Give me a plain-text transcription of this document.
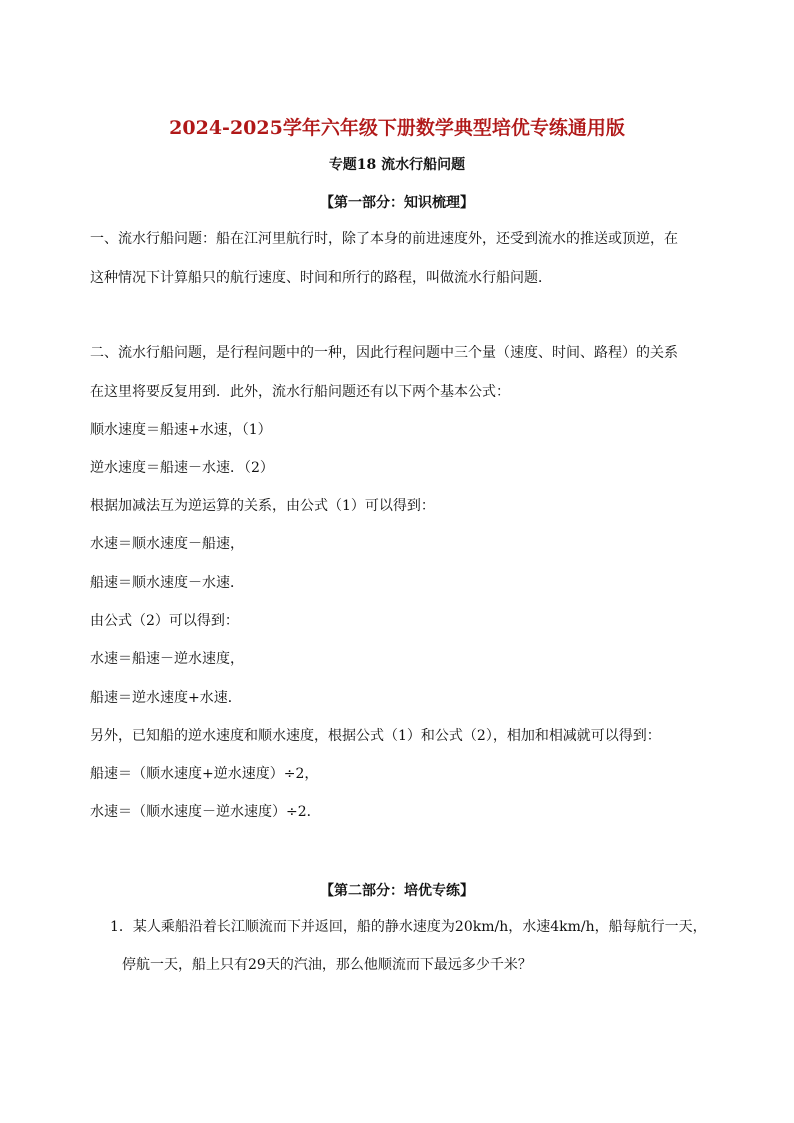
2024-2025学年六年级下册数学典型培优专练通用版
专题18 流水行船问题
【第一部分：知识梳理】
一、流水行船问题：船在江河里航行时，除了本身的前进速度外，还受到流水的推送或顶逆，在
这种情况下计算船只的航行速度、时间和所行的路程，叫做流水行船问题．
二、流水行船问题，是行程问题中的一种，因此行程问题中三个量（速度、时间、路程）的关系
在这里将要反复用到．此外，流水行船问题还有以下两个基本公式：
顺水速度＝船速+水速，（1）
逆水速度＝船速－水速．（2）
根据加减法互为逆运算的关系，由公式（1）可以得到：
水速＝顺水速度－船速，
船速＝顺水速度－水速．
由公式（2）可以得到：
水速＝船速－逆水速度，
船速＝逆水速度+水速．
另外，已知船的逆水速度和顺水速度，根据公式（1）和公式（2），相加和相减就可以得到：
船速＝（顺水速度+逆水速度）÷2，
水速＝（顺水速度－逆水速度）÷2．
【第二部分：培优专练】
1．某人乘船沿着长江顺流而下并返回，船的静水速度为20km/h，水速4km/h，船每航行一天，
停航一天，船上只有29天的汽油，那么他顺流而下最远多少千米？
